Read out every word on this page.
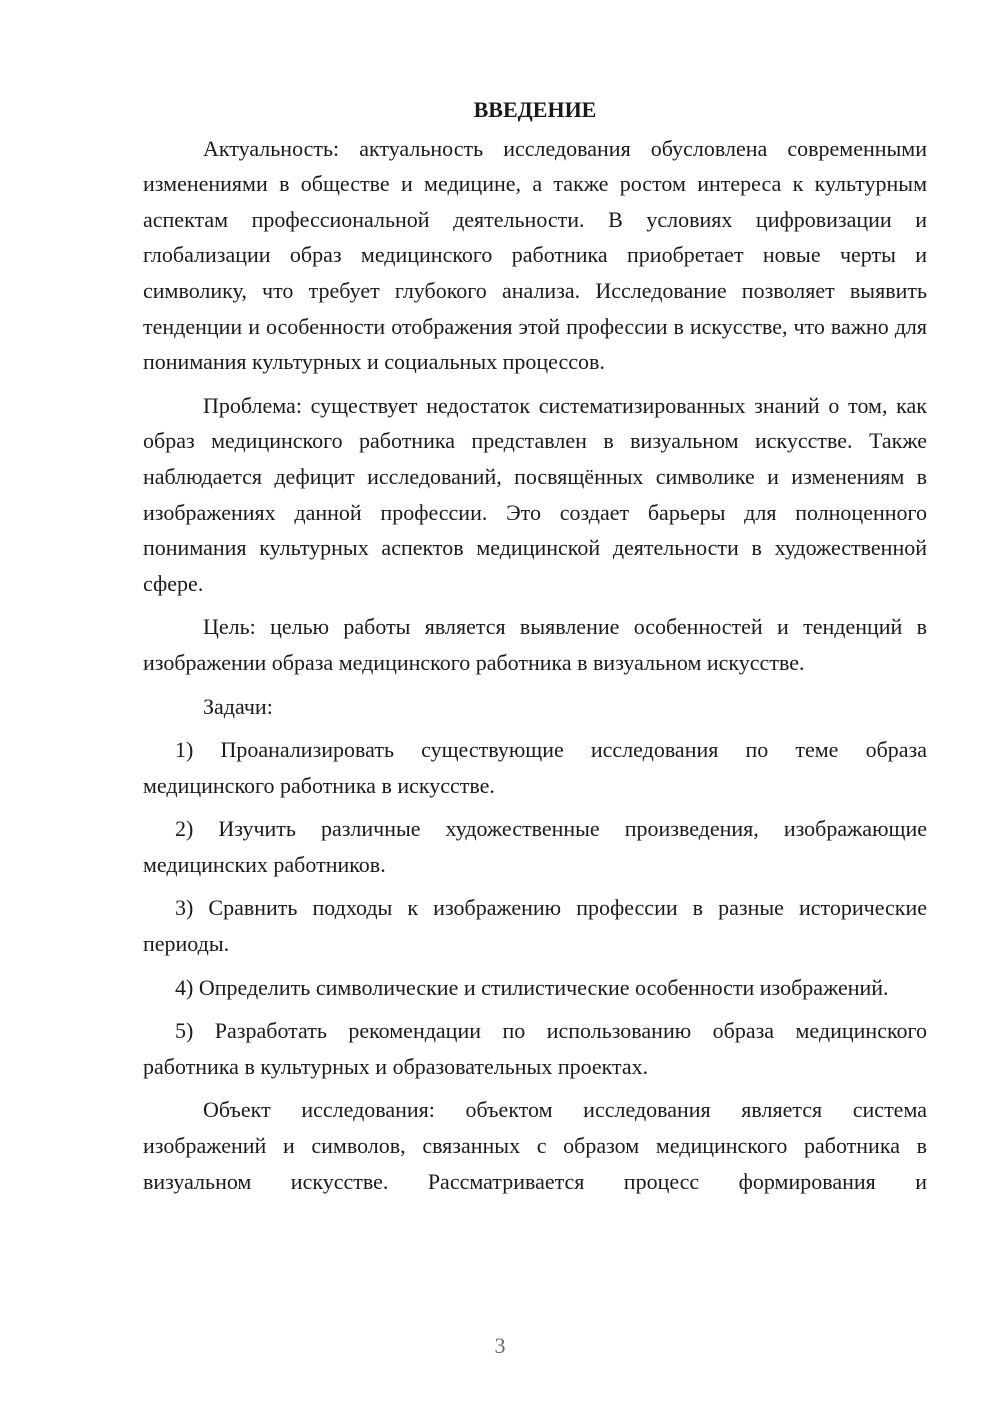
ВВЕДЕНИЕ

Актуальность: актуальность исследования обусловлена современными изменениями в обществе и медицине, а также ростом интереса к культурным аспектам профессиональной деятельности. В условиях цифровизации и глобализации образ медицинского работника приобретает новые черты и символику, что требует глубокого анализа. Исследование позволяет выявить тенденции и особенности отображения этой профессии в искусстве, что важно для понимания культурных и социальных процессов.

Проблема: существует недостаток систематизированных знаний о том, как образ медицинского работника представлен в визуальном искусстве. Также наблюдается дефицит исследований, посвящённых символике и изменениям в изображениях данной профессии. Это создает барьеры для полноценного понимания культурных аспектов медицинской деятельности в художественной сфере.

Цель: целью работы является выявление особенностей и тенденций в изображении образа медицинского работника в визуальном искусстве.

Задачи:

1) Проанализировать существующие исследования по теме образа медицинского работника в искусстве.

2) Изучить различные художественные произведения, изображающие медицинских работников.

3) Сравнить подходы к изображению профессии в разные исторические периоды.

4) Определить символические и стилистические особенности изображений.

5) Разработать рекомендации по использованию образа медицинского работника в культурных и образовательных проектах.

Объект исследования: объектом исследования является система изображений и символов, связанных с образом медицинского работника в визуальном искусстве. Рассматривается процесс формирования и

3
